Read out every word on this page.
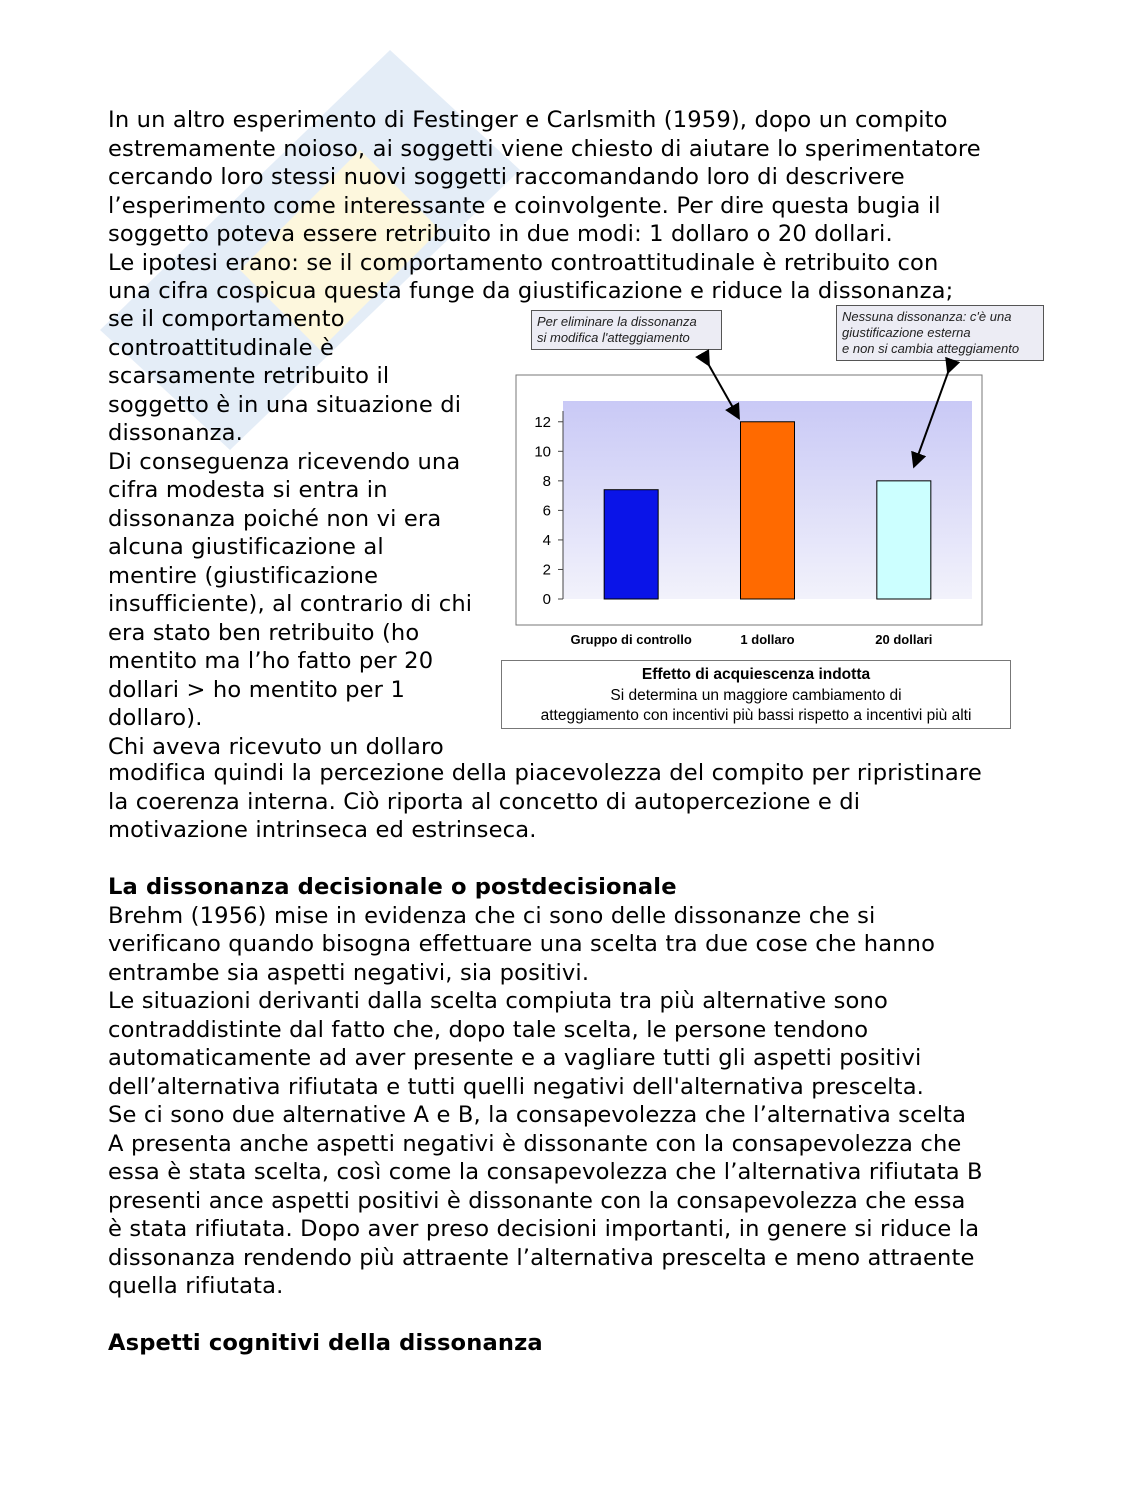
In un altro esperimento di Festinger e Carlsmith (1959), dopo un compito

estremamente noioso, ai soggetti viene chiesto di aiutare lo sperimentatore

cercando loro stessi nuovi soggetti raccomandando loro di descrivere

l’esperimento come interessante e coinvolgente. Per dire questa bugia il

soggetto poteva essere retribuito in due modi: 1 dollaro o 20 dollari.

Le ipotesi erano: se il comportamento controattitudinale è retribuito con

una cifra cospicua questa funge da giustificazione e riduce la dissonanza;

se il comportamento

controattitudinale è

scarsamente retribuito il

soggetto è in una situazione di

dissonanza.

Di conseguenza ricevendo una

cifra modesta si entra in

dissonanza poiché non vi era

alcuna giustificazione al

mentire (giustificazione

insufficiente), al contrario di chi

era stato ben retribuito (ho

mentito ma l’ho fatto per 20

dollari > ho mentito per 1

dollaro).

Chi aveva ricevuto un dollaro

modifica quindi la percezione della piacevolezza del compito per ripristinare

la coerenza interna. Ciò riporta al concetto di autopercezione e di

motivazione intrinseca ed estrinseca.

La dissonanza decisionale o postdecisionale

Brehm (1956) mise in evidenza che ci sono delle dissonanze che si

verificano quando bisogna effettuare una scelta tra due cose che hanno

entrambe sia aspetti negativi, sia positivi.

Le situazioni derivanti dalla scelta compiuta tra più alternative sono

contraddistinte dal fatto che, dopo tale scelta, le persone tendono

automaticamente ad aver presente e a vagliare tutti gli aspetti positivi

dell’alternativa rifiutata e tutti quelli negativi dell'alternativa prescelta.

Se ci sono due alternative A e B, la consapevolezza che l’alternativa scelta

A presenta anche aspetti negativi è dissonante con la consapevolezza che

essa è stata scelta, così come la consapevolezza che l’alternativa rifiutata B

presenti ance aspetti positivi è dissonante con la consapevolezza che essa

è stata rifiutata. Dopo aver preso decisioni importanti, in genere si riduce la

dissonanza rendendo più attraente l’alternativa prescelta e meno attraente

quella rifiutata.

Aspetti cognitivi della dissonanza

Per eliminare la dissonanza
si modifica l'atteggiamento
Nessuna dissonanza: c'è una
giustificazione esterna
e non si cambia atteggiamento
0
2
4
6
8
10
12
Gruppo di controllo	1 dollaro	20 dollari
Effetto di acquiescenza indotta
Si determina un maggiore cambiamento di
atteggiamento con incentivi più bassi rispetto a incentivi più alti
